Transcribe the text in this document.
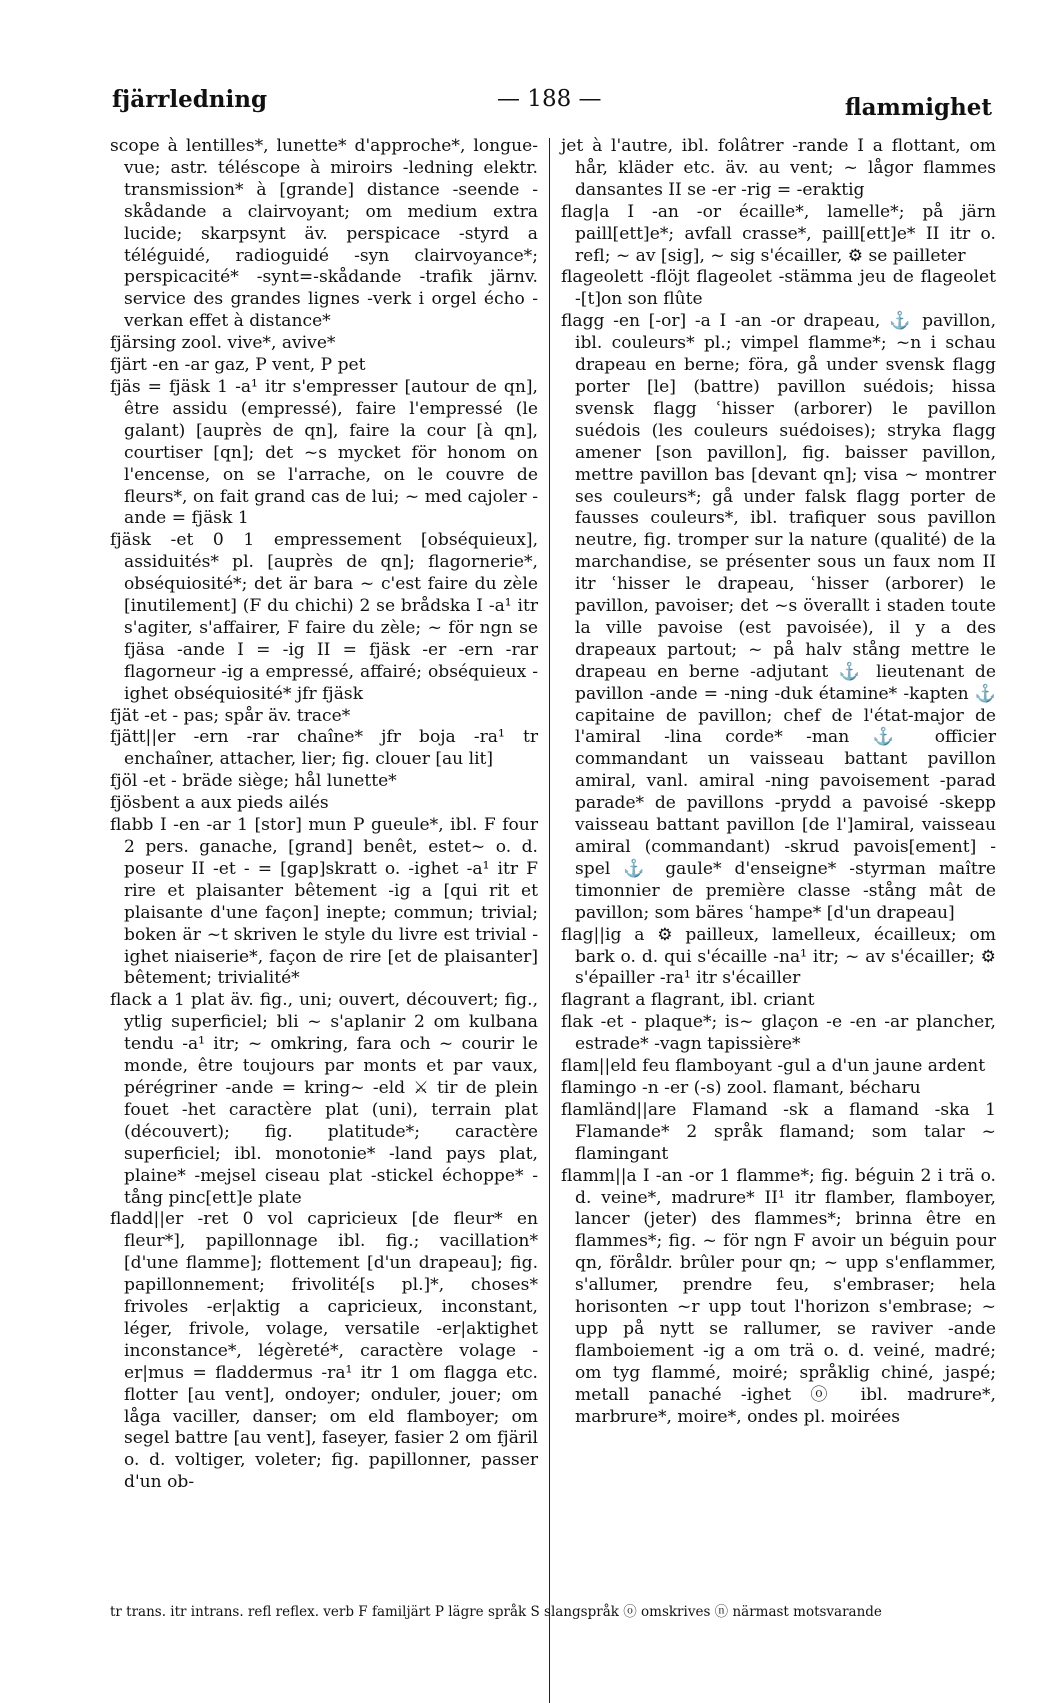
fjärrledning	— 188 —	flammighet

scope à lentilles*, lunette* d'approche*, longue-vue; astr. téléscope à miroirs -ledning elektr. transmission* à [grande] distance -seende -skådande a clairvoyant; om medium extra lucide; skarpsynt äv. perspicace -styrd a téléguidé, radioguidé -syn clairvoyance*; perspicacité* -synt=-skådande -trafik järnv. service des grandes lignes -verk i orgel écho -verkan effet à distance*

fjärsing zool. vive*, avive*

fjärt -en -ar gaz, P vent, P pet

fjäs = fjäsk 1 -a¹ itr s'empresser [autour de qn], être assidu (empressé), faire l'empressé (le galant) [auprès de qn], faire la cour [à qn], courtiser [qn]; det ~s mycket för honom on l'encense, on se l'arrache, on le couvre de fleurs*, on fait grand cas de lui; ~ med cajoler -ande = fjäsk 1

fjäsk -et 0 1 empressement [obséquieux], assiduités* pl. [auprès de qn]; flagornerie*, obséquiosité*; det är bara ~ c'est faire du zèle [inutilement] (F du chichi) 2 se brådska I -a¹ itr s'agiter, s'affairer, F faire du zèle; ~ för ngn se fjäsa -ande I = -ig II = fjäsk -er -ern -rar flagorneur -ig a empressé, affairé; obséquieux -ighet obséquiosité* jfr fjäsk

fjät -et - pas; spår äv. trace*

fjätt||er -ern -rar chaîne* jfr boja -ra¹ tr enchaîner, attacher, lier; fig. clouer [au lit]

fjöl -et - bräde siège; hål lunette*

fjösbent a aux pieds ailés

flabb I -en -ar 1 [stor] mun P gueule*, ibl. F four 2 pers. ganache, [grand] benêt, estet~ o. d. poseur II -et - = [gap]skratt o. -ighet -a¹ itr F rire et plaisanter bêtement -ig a [qui rit et plaisante d'une façon] inepte; commun; trivial; boken är ~t skriven le style du livre est trivial -ighet niaiserie*, façon de rire [et de plaisanter] bêtement; trivialité*

flack a 1 plat äv. fig., uni; ouvert, découvert; fig., ytlig superficiel; bli ~ s'aplanir 2 om kulbana tendu -a¹ itr; ~ omkring, fara och ~ courir le monde, être toujours par monts et par vaux, pérégriner -ande = kring~ -eld ⚔ tir de plein fouet -het caractère plat (uni), terrain plat (découvert); fig. platitude*; caractère superficiel; ibl. monotonie* -land pays plat, plaine* -mejsel ciseau plat -stickel échoppe* -tång pinc[ett]e plate

fladd||er -ret 0 vol capricieux [de fleur* en fleur*], papillonnage ibl. fig.; vacillation* [d'une flamme]; flottement [d'un drapeau]; fig. papillonnement; frivolité[s pl.]*, choses* frivoles -er|aktig a capricieux, inconstant, léger, frivole, volage, versatile -er|aktighet inconstance*, légèreté*, caractère volage -er|mus = fladdermus -ra¹ itr 1 om flagga etc. flotter [au vent], ondoyer; onduler, jouer; om låga vaciller, danser; om eld flamboyer; om segel battre [au vent], faseyer, fasier 2 om fjäril o. d. voltiger, voleter; fig. papillonner, passer d'un ob-

jet à l'autre, ibl. folâtrer -rande I a flottant, om hår, kläder etc. äv. au vent; ~ lågor flammes dansantes II se -er -rig = -eraktig

flag|a I -an -or écaille*, lamelle*; på järn paill[ett]e*; avfall crasse*, paill[ett]e* II itr o. refl; ~ av [sig], ~ sig s'écailler, ⚙ se pailleter

flageolett -flöjt flageolet -stämma jeu de flageolet -[t]on son flûte

flagg -en [-or] -a I -an -or drapeau, ⚓ pavillon, ibl. couleurs* pl.; vimpel flamme*; ~n i schau drapeau en berne; föra, gå under svensk flagg porter [le] (battre) pavillon suédois; hissa svensk flagg ʿhisser (arborer) le pavillon suédois (les couleurs suédoises); stryka flagg amener [son pavillon], fig. baisser pavillon, mettre pavillon bas [devant qn]; visa ~ montrer ses couleurs*; gå under falsk flagg porter de fausses couleurs*, ibl. trafiquer sous pavillon neutre, fig. tromper sur la nature (qualité) de la marchandise, se présenter sous un faux nom II itr ʿhisser le drapeau, ʿhisser (arborer) le pavillon, pavoiser; det ~s överallt i staden toute la ville pavoise (est pavoisée), il y a des drapeaux partout; ~ på halv stång mettre le drapeau en berne -adjutant ⚓ lieutenant de pavillon -ande = -ning -duk étamine* -kapten ⚓ capitaine de pavillon; chef de l'état-major de l'amiral -lina corde* -man ⚓ officier commandant un vaisseau battant pavillon amiral, vanl. amiral -ning pavoisement -parad parade* de pavillons -prydd a pavoisé -skepp vaisseau battant pavillon [de l']amiral, vaisseau amiral (commandant) -skrud pavois[ement] -spel ⚓ gaule* d'enseigne* -styrman maître timonnier de première classe -stång mât de pavillon; som bäres ʿhampe* [d'un drapeau]

flag||ig a ⚙ pailleux, lamelleux, écailleux; om bark o. d. qui s'écaille -na¹ itr; ~ av s'écailler; ⚙ s'épailler -ra¹ itr s'écailler

flagrant a flagrant, ibl. criant

flak -et - plaque*; is~ glaçon -e -en -ar plancher, estrade* -vagn tapissière*

flam||eld feu flamboyant -gul a d'un jaune ardent

flamingo -n -er (-s) zool. flamant, bécharu

flamländ||are Flamand -sk a flamand -ska 1 Flamande* 2 språk flamand; som talar ~ flamingant

flamm||a I -an -or 1 flamme*; fig. béguin 2 i trä o. d. veine*, madrure* II¹ itr flamber, flamboyer, lancer (jeter) des flammes*; brinna être en flammes*; fig. ~ för ngn F avoir un béguin pour qn, föråldr. brûler pour qn; ~ upp s'enflammer, s'allumer, prendre feu, s'embraser; hela horisonten ~r upp tout l'horizon s'embrase; ~ upp på nytt se rallumer, se raviver -ande flamboiement -ig a om trä o. d. veiné, madré; om tyg flammé, moiré; språklig chiné, jaspé; metall panaché -ighet ⓞ ibl. madrure*, marbrure*, moire*, ondes pl. moirées

tr trans. itr intrans. refl reflex. verb F familjärt P lägre språk S slangspråk ⓞ omskrives ⓝ närmast motsvarande
